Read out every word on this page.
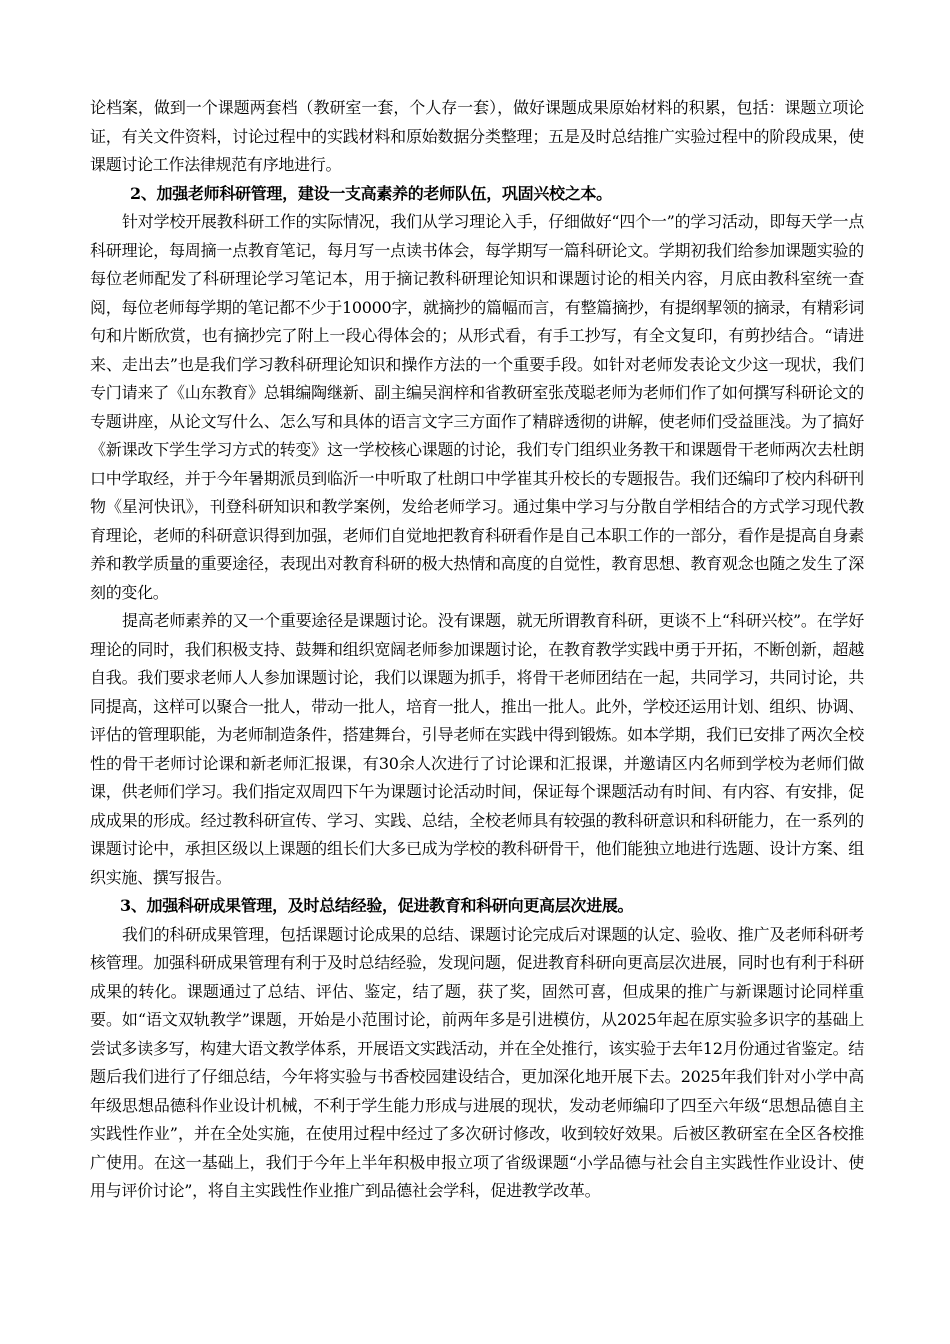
论档案，做到一个课题两套档（教研室一套，个人存一套），做好课题成果原始材料的积累，包括：课题立项论证，有关文件资料，讨论过程中的实践材料和原始数据分类整理；五是及时总结推广实验过程中的阶段成果，使课题讨论工作法律规范有序地进行。

2、加强老师科研管理，建设一支高素养的老师队伍，巩固兴校之本。

针对学校开展教科研工作的实际情况，我们从学习理论入手，仔细做好“四个一”的学习活动，即每天学一点科研理论，每周摘一点教育笔记，每月写一点读书体会，每学期写一篇科研论文。学期初我们给参加课题实验的每位老师配发了科研理论学习笔记本，用于摘记教科研理论知识和课题讨论的相关内容，月底由教科室统一查阅，每位老师每学期的笔记都不少于10000字，就摘抄的篇幅而言，有整篇摘抄，有提纲挈领的摘录，有精彩词句和片断欣赏，也有摘抄完了附上一段心得体会的；从形式看，有手工抄写，有全文复印，有剪抄结合。“请进来、走出去”也是我们学习教科研理论知识和操作方法的一个重要手段。如针对老师发表论文少这一现状，我们专门请来了《山东教育》总辑编陶继新、副主编吴润梓和省教研室张茂聪老师为老师们作了如何撰写科研论文的专题讲座，从论文写什么、怎么写和具体的语言文字三方面作了精辟透彻的讲解，使老师们受益匪浅。为了搞好《新课改下学生学习方式的转变》这一学校核心课题的讨论，我们专门组织业务教干和课题骨干老师两次去杜朗口中学取经，并于今年暑期派员到临沂一中听取了杜朗口中学崔其升校长的专题报告。我们还编印了校内科研刊物《星河快讯》，刊登科研知识和教学案例，发给老师学习。通过集中学习与分散自学相结合的方式学习现代教育理论，老师的科研意识得到加强，老师们自觉地把教育科研看作是自己本职工作的一部分，看作是提高自身素养和教学质量的重要途径，表现出对教育科研的极大热情和高度的自觉性，教育思想、教育观念也随之发生了深刻的变化。

提高老师素养的又一个重要途径是课题讨论。没有课题，就无所谓教育科研，更谈不上“科研兴校”。在学好理论的同时，我们积极支持、鼓舞和组织宽阔老师参加课题讨论，在教育教学实践中勇于开拓，不断创新，超越自我。我们要求老师人人参加课题讨论，我们以课题为抓手，将骨干老师团结在一起，共同学习，共同讨论，共同提高，这样可以聚合一批人，带动一批人，培育一批人，推出一批人。此外，学校还运用计划、组织、协调、评估的管理职能，为老师制造条件，搭建舞台，引导老师在实践中得到锻炼。如本学期，我们已安排了两次全校性的骨干老师讨论课和新老师汇报课，有30余人次进行了讨论课和汇报课，并邀请区内名师到学校为老师们做课，供老师们学习。我们指定双周四下午为课题讨论活动时间，保证每个课题活动有时间、有内容、有安排，促成成果的形成。经过教科研宣传、学习、实践、总结，全校老师具有较强的教科研意识和科研能力，在一系列的课题讨论中，承担区级以上课题的组长们大多已成为学校的教科研骨干，他们能独立地进行选题、设计方案、组织实施、撰写报告。

3、加强科研成果管理，及时总结经验，促进教育和科研向更高层次进展。

我们的科研成果管理，包括课题讨论成果的总结、课题讨论完成后对课题的认定、验收、推广及老师科研考核管理。加强科研成果管理有利于及时总结经验，发现问题，促进教育科研向更高层次进展，同时也有利于科研成果的转化。课题通过了总结、评估、鉴定，结了题，获了奖，固然可喜，但成果的推广与新课题讨论同样重要。如“语文双轨教学”课题，开始是小范围讨论，前两年多是引进模仿，从2025年起在原实验多识字的基础上尝试多读多写，构建大语文教学体系，开展语文实践活动，并在全处推行，该实验于去年12月份通过省鉴定。结题后我们进行了仔细总结，今年将实验与书香校园建设结合，更加深化地开展下去。2025年我们针对小学中高年级思想品德科作业设计机械，不利于学生能力形成与进展的现状，发动老师编印了四至六年级“思想品德自主实践性作业”，并在全处实施，在使用过程中经过了多次研讨修改，收到较好效果。后被区教研室在全区各校推广使用。在这一基础上，我们于今年上半年积极申报立项了省级课题“小学品德与社会自主实践性作业设计、使用与评价讨论”，将自主实践性作业推广到品德社会学科，促进教学改革。
